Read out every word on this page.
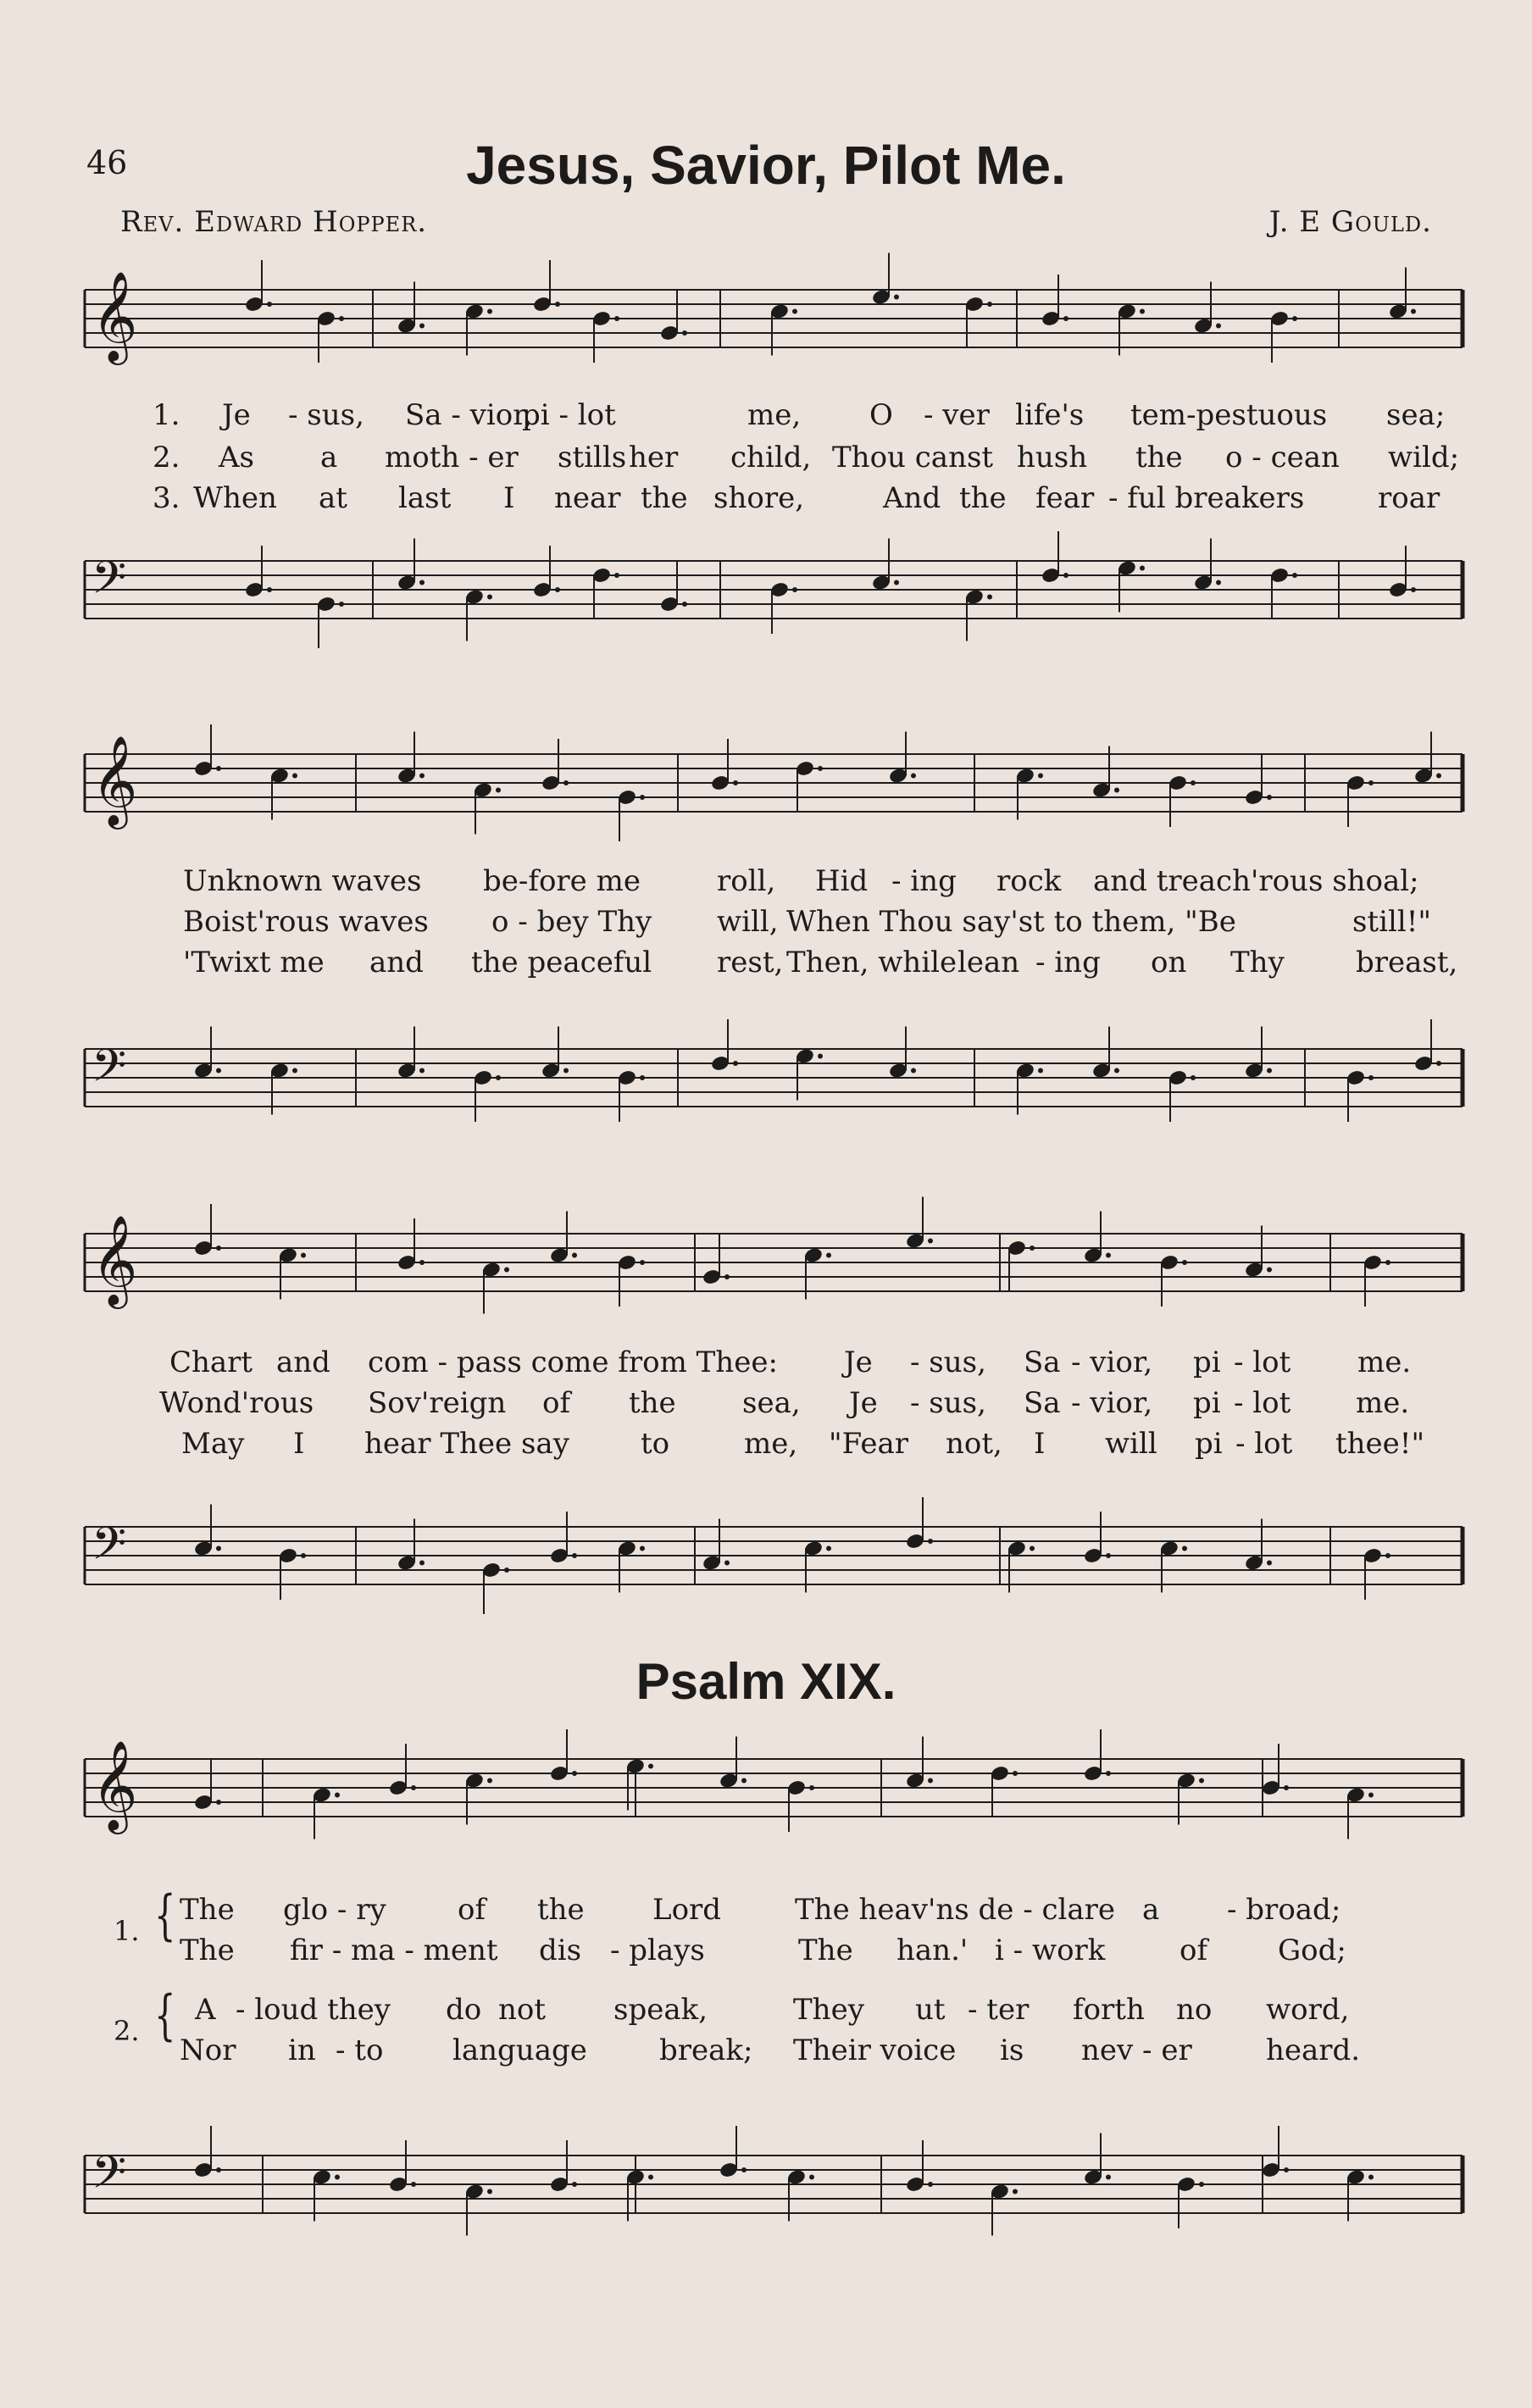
46	Jesus, Savior, Pilot Me.
Rev. Edward Hopper.	J. E Gould.
𝄞
1. Je - sus, Sa - vior,
pi - lot	me, O - ver life's tem-pestuous sea;
2. As a moth - er stills her child, Thou canst hush the o - cean wild;
3. When at last I near the shore,	And the fear - ful breakers	roar
𝄢
𝄞
Unknown waves be-fore me	roll, Hid - ing rock and treach'rous shoal;
Boist'rous waves o - bey Thy will, When Thou say'st to them, "Be	still!"
'Twixt me and the peaceful rest, Then, while lean - ing on Thy breast,
𝄢
𝄞
Chart and com - pass come from Thee: Je - sus, Sa - vior, pi - lot me.
Wond'rous Sov'reign of the sea, Je - sus, Sa - vior, pi - lot me.
May I hear Thee say to	me, "Fear not, I will pi - lot thee!"
𝄢
Psalm XIX.
𝄞
1. { The glo - ry of the Lord	The heav'ns de - clare a - broad;
The fir - ma - ment dis - plays	The han.' i - work	of God;
2. { A - loud they do not speak,	They ut - ter forth no word,
Nor in - to language	break; Their voice is nev - er	heard.
𝄢
